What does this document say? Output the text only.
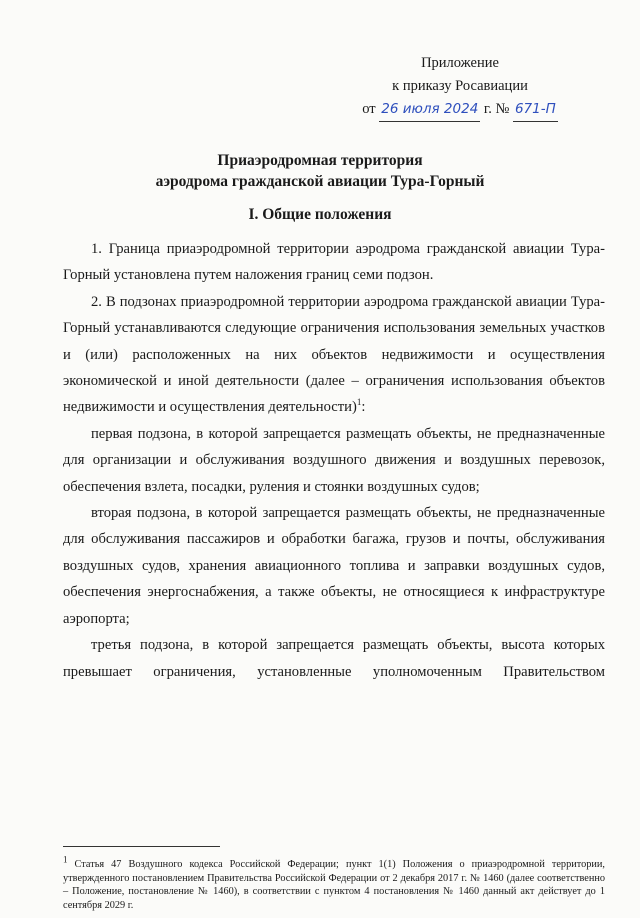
Приложение
к приказу Росавиации
от 26 июля 2024 г. № 671-П
Приаэродромная территория
аэродрома гражданской авиации Тура-Горный
I. Общие положения

1. Граница приаэродромной территории аэродрома гражданской авиации Тура-Горный установлена путем наложения границ семи подзон.

2. В подзонах приаэродромной территории аэродрома гражданской авиации Тура-Горный устанавливаются следующие ограничения использования земельных участков и (или) расположенных на них объектов недвижимости и осуществления экономической и иной деятельности (далее – ограничения использования объектов недвижимости и осуществления деятельности)$^1$:

первая подзона, в которой запрещается размещать объекты, не предназначенные для организации и обслуживания воздушного движения и воздушных перевозок, обеспечения взлета, посадки, руления и стоянки воздушных судов;

вторая подзона, в которой запрещается размещать объекты, не предназначенные для обслуживания пассажиров и обработки багажа, грузов и почты, обслуживания воздушных судов, хранения авиационного топлива и заправки воздушных судов, обеспечения энергоснабжения, а также объекты, не относящиеся к инфраструктуре аэропорта;

третья подзона, в которой запрещается размещать объекты, высота которых превышает ограничения, установленные уполномоченным Правительством

$^1$ Статья 47 Воздушного кодекса Российской Федерации; пункт 1(1) Положения о приаэродромной территории, утвержденного постановлением Правительства Российской Федерации от 2 декабря 2017 г. № 1460 (далее соответственно – Положение, постановление № 1460), в соответствии с пунктом 4 постановления № 1460 данный акт действует до 1 сентября 2029 г.
